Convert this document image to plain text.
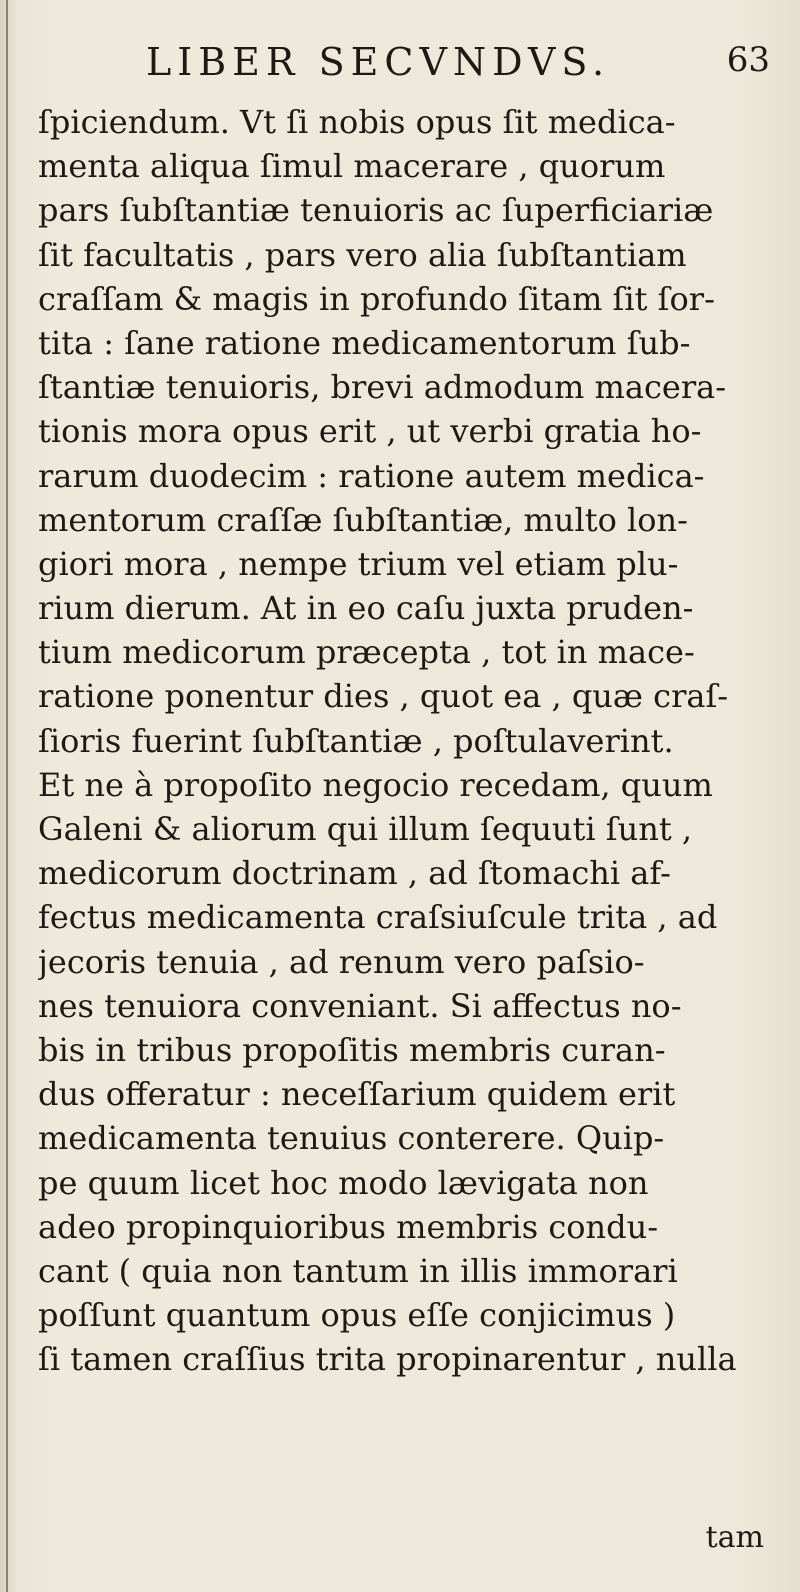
LIBER SECVNDVS.	63
ſpiciendum. Vt ſi nobis opus ſit medica-
menta aliqua ſimul macerare , quorum
pars ſubſtantiæ tenuioris ac ſuperficiariæ
ſit facultatis , pars vero alia ſubſtantiam
craſſam & magis in profundo ſitam ſit ſor-
tita : ſane ratione medicamentorum ſub-
ſtantiæ tenuioris, brevi admodum macera-
tionis mora opus erit , ut verbi gratia ho-
rarum duodecim : ratione autem medica-
mentorum craſſæ ſubſtantiæ, multo lon-
giori mora , nempe trium vel etiam plu-
rium dierum. At in eo caſu juxta pruden-
tium medicorum præcepta , tot in mace-
ratione ponentur dies , quot ea , quæ craſ-
ſioris fuerint ſubſtantiæ , poſtulaverint.
Et ne à propoſito negocio recedam, quum
Galeni & aliorum qui illum ſequuti ſunt ,
medicorum doctrinam , ad ſtomachi af-
fectus medicamenta craſsiuſcule trita , ad
jecoris tenuia , ad renum vero paſsio-
nes tenuiora conveniant. Si affectus no-
bis in tribus propoſitis membris curan-
dus offeratur : neceſſarium quidem erit
medicamenta tenuius conterere. Quip-
pe quum licet hoc modo lævigata non
adeo propinquioribus membris condu-
cant ( quia non tantum in illis immorari
poſſunt quantum opus eſſe conjicimus )
ſi tamen craſſius trita propinarentur , nulla
tam
